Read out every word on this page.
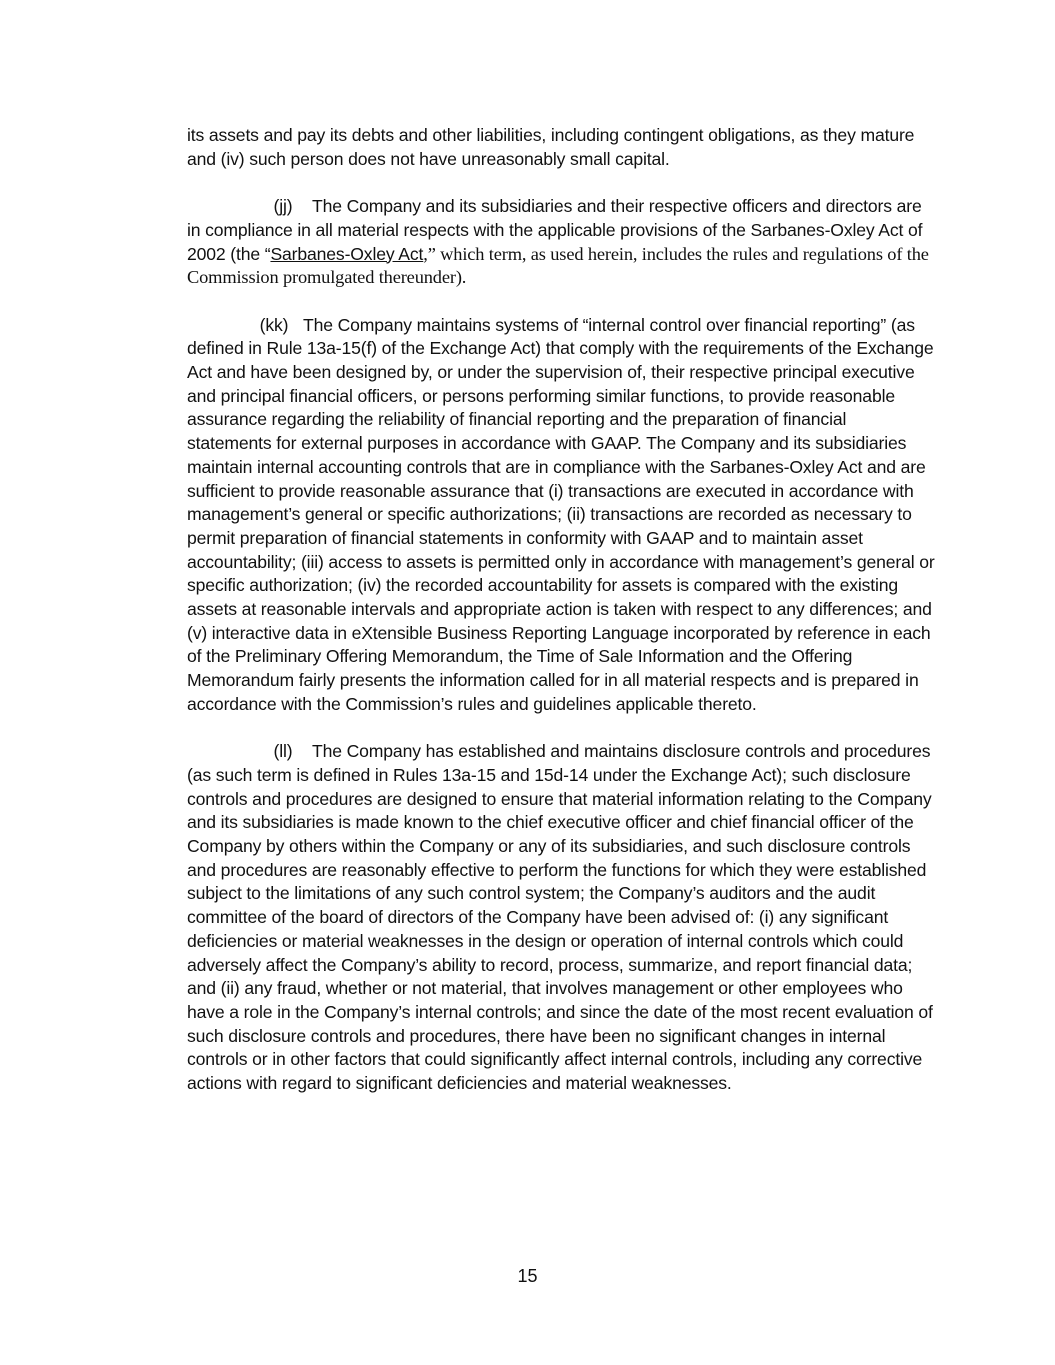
its assets and pay its debts and other liabilities, including contingent obligations, as they mature and (iv) such person does not have unreasonably small capital.

(jj) The Company and its subsidiaries and their respective officers and directors are in compliance in all material respects with the applicable provisions of the Sarbanes-Oxley Act of 2002 (the “Sarbanes-Oxley Act,” which term, as used herein, includes the rules and regulations of the Commission promulgated thereunder).

(kk) The Company maintains systems of “internal control over financial reporting” (as defined in Rule 13a-15(f) of the Exchange Act) that comply with the requirements of the Exchange Act and have been designed by, or under the supervision of, their respective principal executive and principal financial officers, or persons performing similar functions, to provide reasonable assurance regarding the reliability of financial reporting and the preparation of financial statements for external purposes in accordance with GAAP. The Company and its subsidiaries maintain internal accounting controls that are in compliance with the Sarbanes-Oxley Act and are sufficient to provide reasonable assurance that (i) transactions are executed in accordance with management’s general or specific authorizations; (ii) transactions are recorded as necessary to permit preparation of financial statements in conformity with GAAP and to maintain asset accountability; (iii) access to assets is permitted only in accordance with management’s general or specific authorization; (iv) the recorded accountability for assets is compared with the existing assets at reasonable intervals and appropriate action is taken with respect to any differences; and (v) interactive data in eXtensible Business Reporting Language incorporated by reference in each of the Preliminary Offering Memorandum, the Time of Sale Information and the Offering Memorandum fairly presents the information called for in all material respects and is prepared in accordance with the Commission’s rules and guidelines applicable thereto.

(ll) The Company has established and maintains disclosure controls and procedures (as such term is defined in Rules 13a-15 and 15d-14 under the Exchange Act); such disclosure controls and procedures are designed to ensure that material information relating to the Company and its subsidiaries is made known to the chief executive officer and chief financial officer of the Company by others within the Company or any of its subsidiaries, and such disclosure controls and procedures are reasonably effective to perform the functions for which they were established subject to the limitations of any such control system; the Company’s auditors and the audit committee of the board of directors of the Company have been advised of: (i) any significant deficiencies or material weaknesses in the design or operation of internal controls which could adversely affect the Company’s ability to record, process, summarize, and report financial data; and (ii) any fraud, whether or not material, that involves management or other employees who have a role in the Company’s internal controls; and since the date of the most recent evaluation of such disclosure controls and procedures, there have been no significant changes in internal controls or in other factors that could significantly affect internal controls, including any corrective actions with regard to significant deficiencies and material weaknesses.

15
